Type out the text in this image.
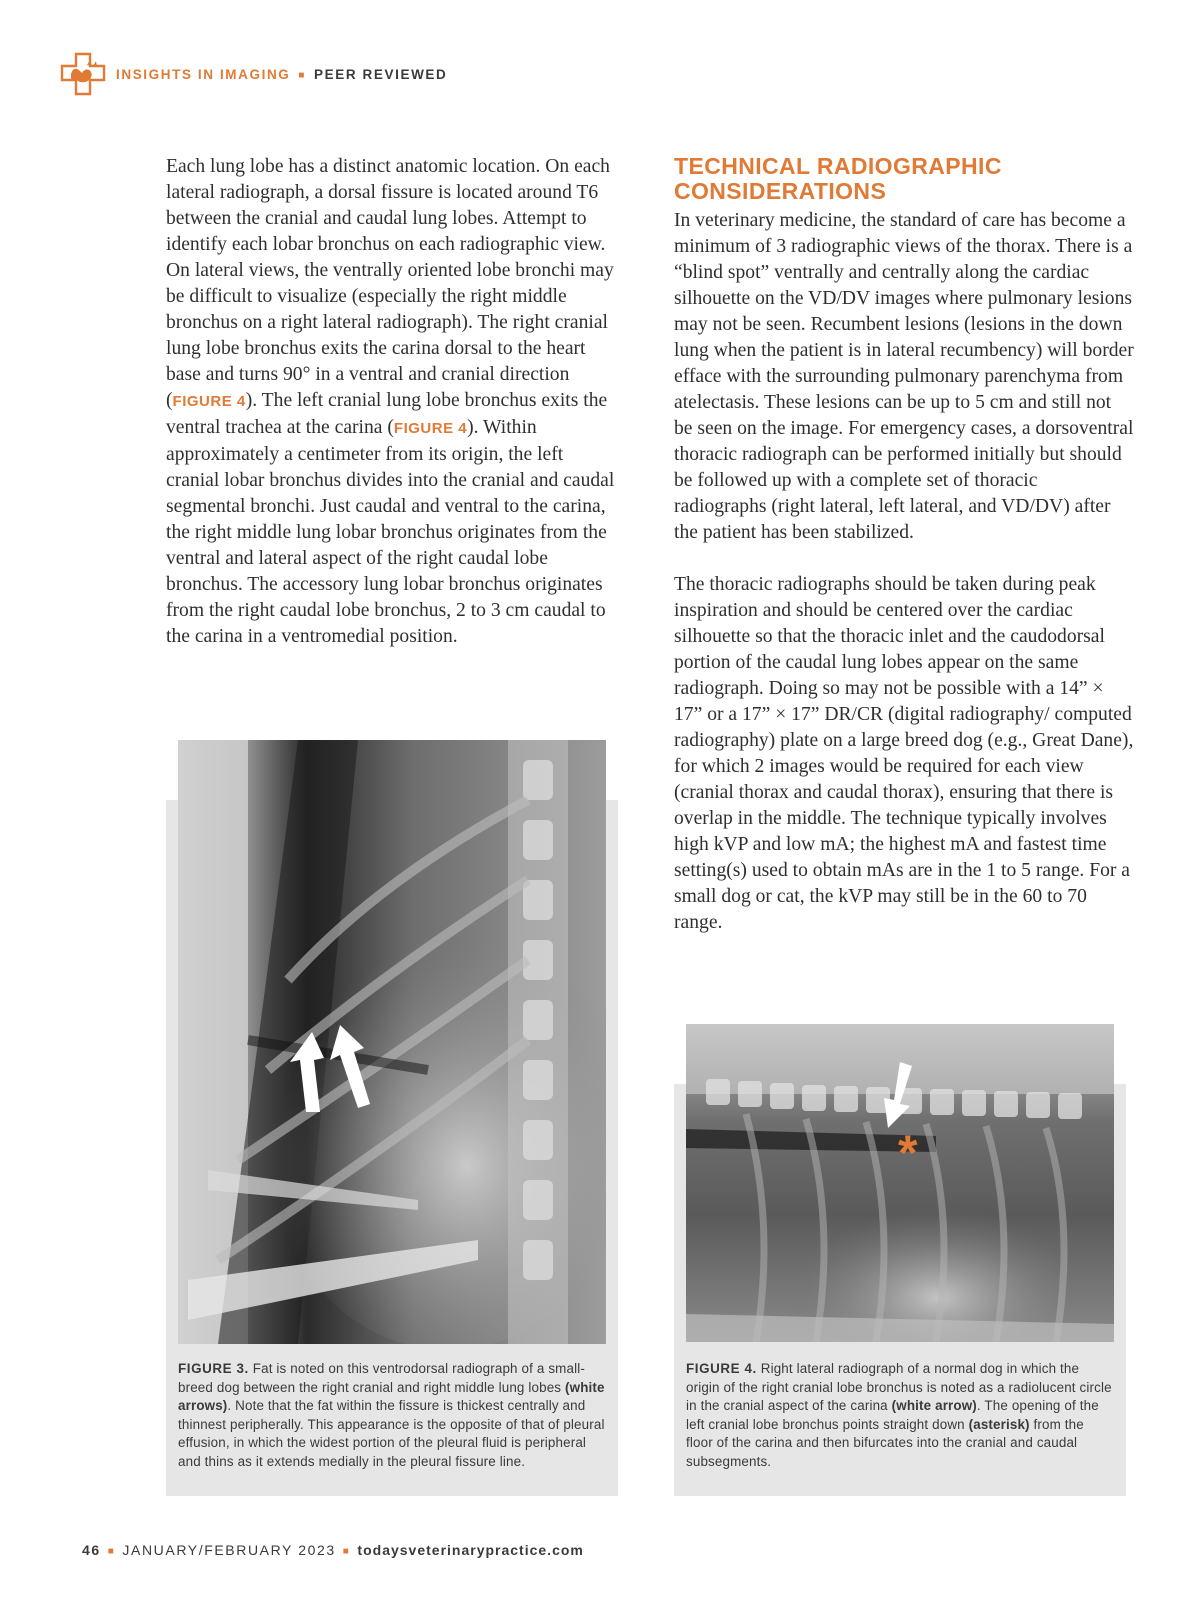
INSIGHTS IN IMAGING ■ PEER REVIEWED

Each lung lobe has a distinct anatomic location. On each lateral radiograph, a dorsal fissure is located around T6 between the cranial and caudal lung lobes. Attempt to identify each lobar bronchus on each radiographic view. On lateral views, the ventrally oriented lobe bronchi may be difficult to visualize (especially the right middle bronchus on a right lateral radiograph). The right cranial lung lobe bronchus exits the carina dorsal to the heart base and turns 90° in a ventral and cranial direction (FIGURE 4). The left cranial lung lobe bronchus exits the ventral trachea at the carina (FIGURE 4). Within approximately a centimeter from its origin, the left cranial lobar bronchus divides into the cranial and caudal segmental bronchi. Just caudal and ventral to the carina, the right middle lung lobar bronchus originates from the ventral and lateral aspect of the right caudal lobe bronchus. The accessory lung lobar bronchus originates from the right caudal lobe bronchus, 2 to 3 cm caudal to the carina in a ventromedial position.

TECHNICAL RADIOGRAPHIC CONSIDERATIONS

In veterinary medicine, the standard of care has become a minimum of 3 radiographic views of the thorax. There is a “blind spot” ventrally and centrally along the cardiac silhouette on the VD/DV images where pulmonary lesions may not be seen. Recumbent lesions (lesions in the down lung when the patient is in lateral recumbency) will border efface with the surrounding pulmonary parenchyma from atelectasis. These lesions can be up to 5 cm and still not be seen on the image. For emergency cases, a dorsoventral thoracic radiograph can be performed initially but should be followed up with a complete set of thoracic radiographs (right lateral, left lateral, and VD/DV) after the patient has been stabilized.

The thoracic radiographs should be taken during peak inspiration and should be centered over the cardiac silhouette so that the thoracic inlet and the caudodorsal portion of the caudal lung lobes appear on the same radiograph. Doing so may not be possible with a 14” × 17” or a 17” × 17” DR/CR (digital radiography/ computed radiography) plate on a large breed dog (e.g., Great Dane), for which 2 images would be required for each view (cranial thorax and caudal thorax), ensuring that there is overlap in the middle. The technique typically involves high kVP and low mA; the highest mA and fastest time setting(s) used to obtain mAs are in the 1 to 5 range. For a small dog or cat, the kVP may still be in the 60 to 70 range.

FIGURE 3. Fat is noted on this ventrodorsal radiograph of a small-breed dog between the right cranial and right middle lung lobes (white arrows). Note that the fat within the fissure is thickest centrally and thinnest peripherally. This appearance is the opposite of that of pleural effusion, in which the widest portion of the pleural fluid is peripheral and thins as it extends medially in the pleural fissure line.
*
FIGURE 4. Right lateral radiograph of a normal dog in which the origin of the right cranial lobe bronchus is noted as a radiolucent circle in the cranial aspect of the carina (white arrow). The opening of the left cranial lobe bronchus points straight down (asterisk) from the floor of the carina and then bifurcates into the cranial and caudal subsegments.
46 ■ JANUARY/FEBRUARY 2023 ■ todaysveterinarypractice.com
